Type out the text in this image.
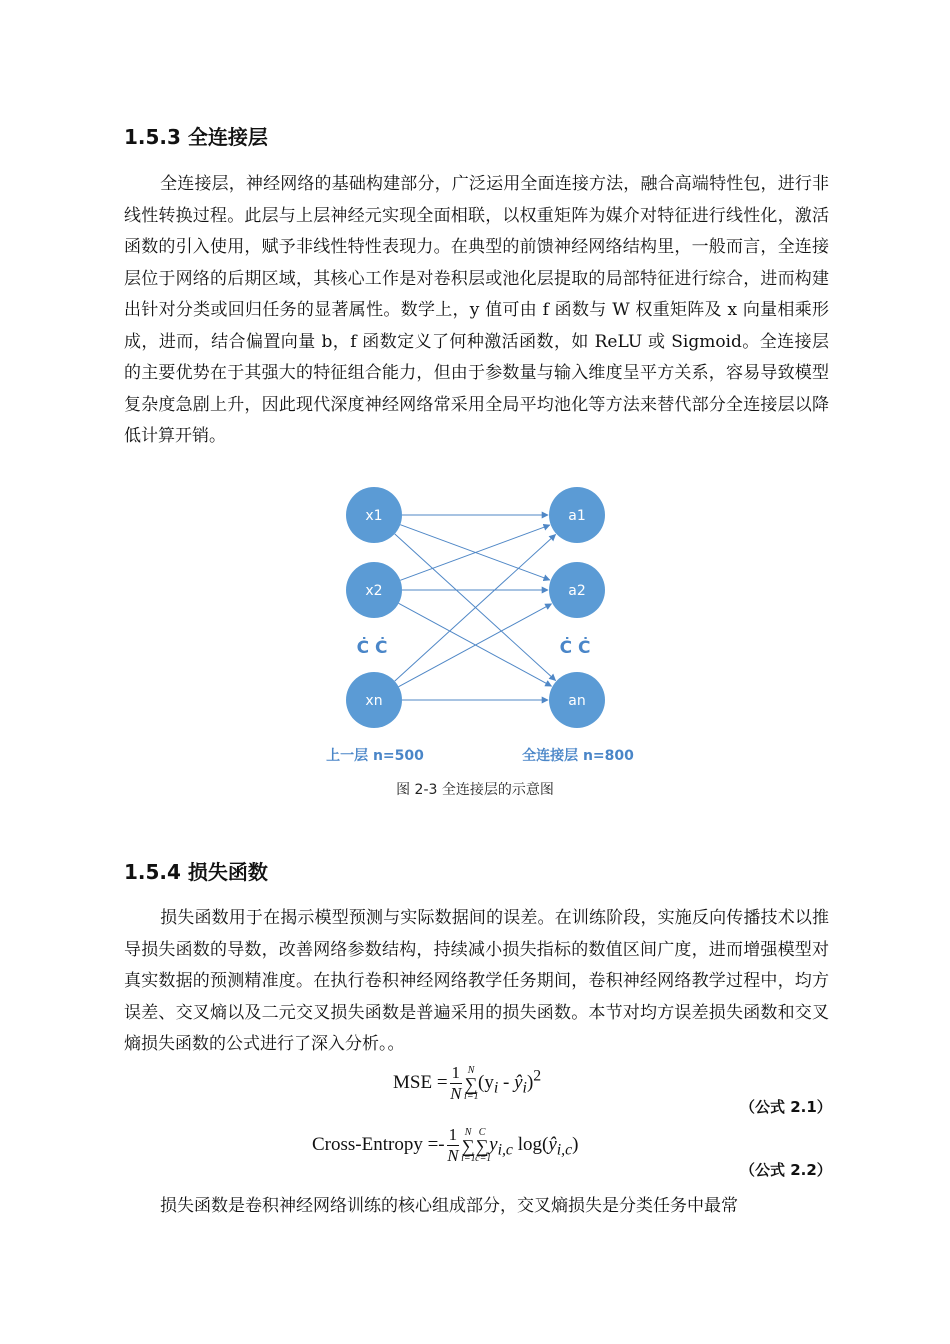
1.5.3 全连接层

全连接层，神经网络的基础构建部分，广泛运用全面连接方法，融合高端特性包，进行非线性转换过程。此层与上层神经元实现全面相联，以权重矩阵为媒介对特征进行线性化，激活函数的引入使用，赋予非线性特性表现力。在典型的前馈神经网络结构里，一般而言，全连接层位于网络的后期区域，其核心工作是对卷积层或池化层提取的局部特征进行综合，进而构建出针对分类或回归任务的显著属性。数学上，y 值可由 f 函数与 W 权重矩阵及 x 向量相乘形成，进而，结合偏置向量 b，f 函数定义了何种激活函数，如 ReLU 或 Sigmoid。全连接层的主要优势在于其强大的特征组合能力，但由于参数量与输入维度呈平方关系，容易导致模型复杂度急剧上升，因此现代深度神经网络常采用全局平均池化等方法来替代部分全连接层以降低计算开销。

x1
x2
xn
a1
a2
an
Ċ Ċ	Ċ Ċ
上一层 n=500	全连接层 n=800
图 2-3 全连接层的示意图
1.5.4 损失函数

损失函数用于在揭示模型预测与实际数据间的误差。在训练阶段，实施反向传播技术以推导损失函数的导数，改善网络参数结构，持续减小损失指标的数值区间广度，进而增强模型对真实数据的预测精准度。在执行卷积神经网络教学任务期间，卷积神经网络教学过程中，均方误差、交叉熵以及二元交叉损失函数是普遍采用的损失函数。本节对均方误差损失函数和交叉熵损失函数的公式进行了深入分析。。

MSE = $\frac{1}{N}$ N
∑
i=1
($y_i$ - $ŷ_i)^2$
（公式 2.1）
Cross-Entropy =- $\frac{1}{N}$ N
∑
i=1
C
∑
c=1
$y_{i,c}$ $\log(ŷ_{i,c})$
（公式 2.2）

损失函数是卷积神经网络训练的核心组成部分，交叉熵损失是分类任务中最常
